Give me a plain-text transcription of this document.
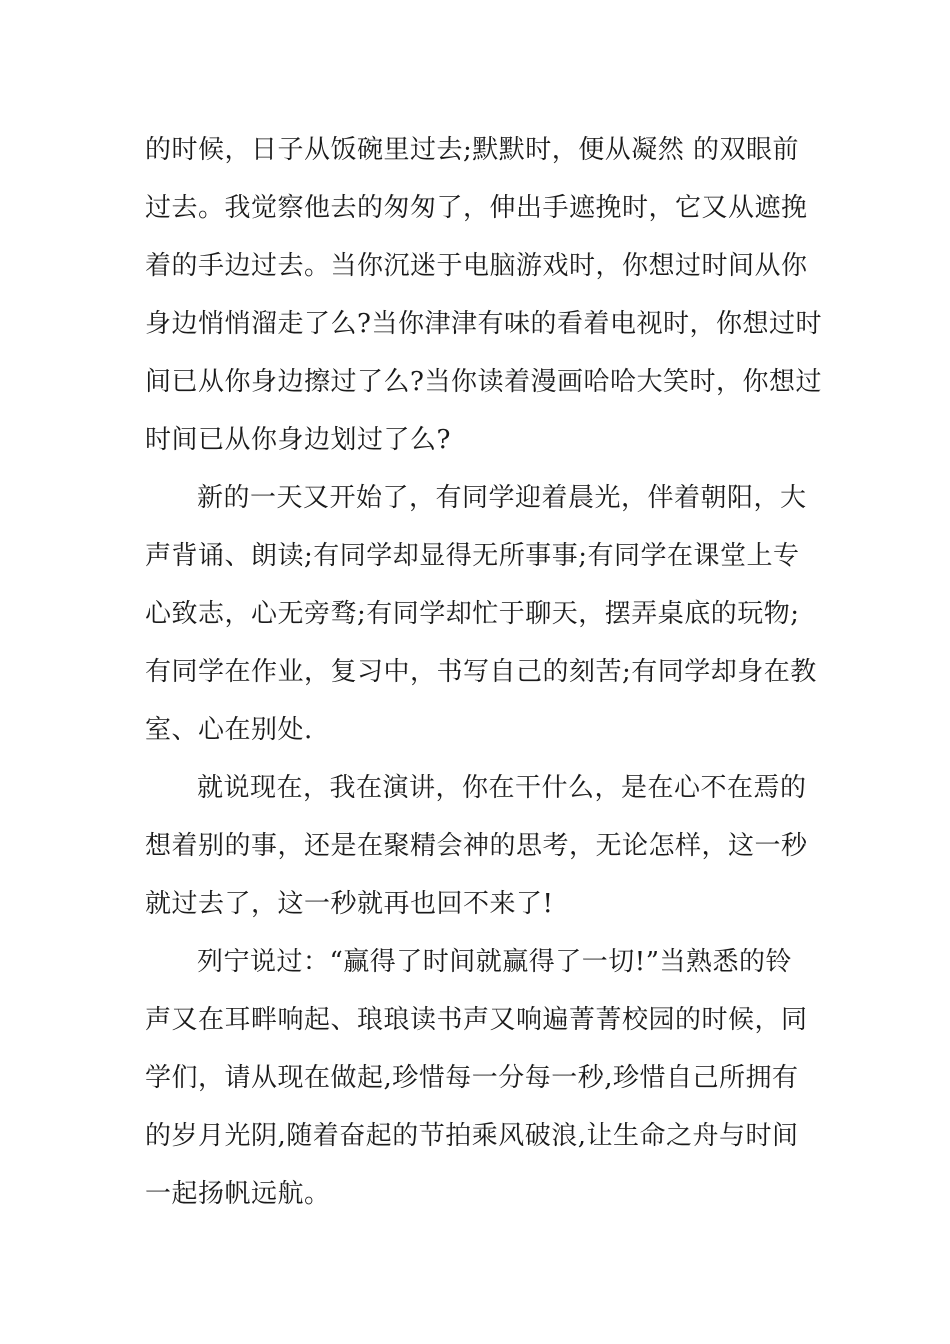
的时候，日子从饭碗里过去;默默时，便从凝然 的双眼前
过去。我觉察他去的匆匆了，伸出手遮挽时，它又从遮挽
着的手边过去。当你沉迷于电脑游戏时，你想过时间从你
身边悄悄溜走了么?当你津津有味的看着电视时，你想过时
间已从你身边擦过了么?当你读着漫画哈哈大笑时，你想过
时间已从你身边划过了么?
新的一天又开始了，有同学迎着晨光，伴着朝阳，大
声背诵、朗读;有同学却显得无所事事;有同学在课堂上专
心致志，心无旁骛;有同学却忙于聊天，摆弄桌底的玩物;
有同学在作业，复习中，书写自己的刻苦;有同学却身在教
室、心在别处.
就说现在，我在演讲，你在干什么，是在心不在焉的
想着别的事，还是在聚精会神的思考，无论怎样，这一秒
就过去了，这一秒就再也回不来了!
列宁说过：“赢得了时间就赢得了一切!”当熟悉的铃
声又在耳畔响起、琅琅读书声又响遍菁菁校园的时候，同
学们，请从现在做起,珍惜每一分每一秒,珍惜自己所拥有
的岁月光阴,随着奋起的节拍乘风破浪,让生命之舟与时间
一起扬帆远航。
